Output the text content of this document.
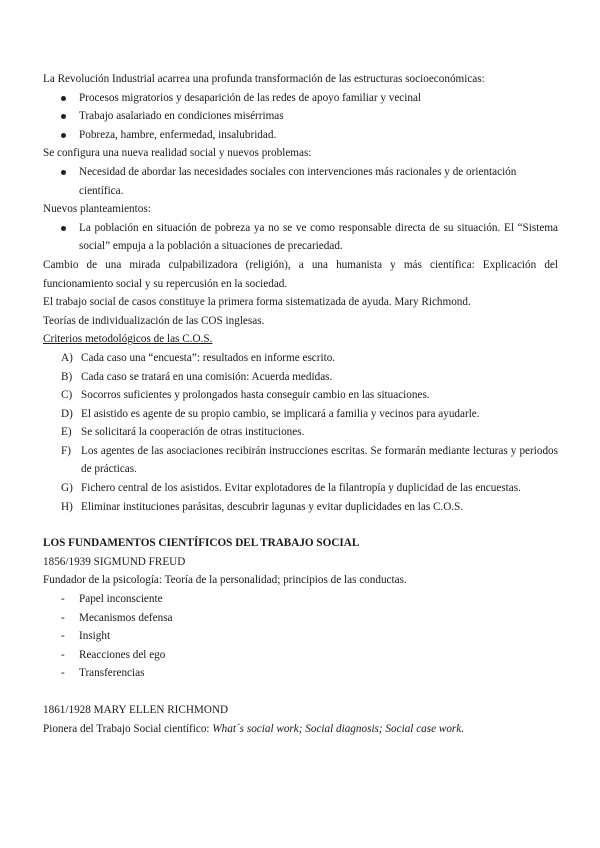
La Revolución Industrial acarrea una profunda transformación de las estructuras socioeconómicas:

Procesos migratorios y desaparición de las redes de apoyo familiar y vecinal
Trabajo asalariado en condiciones misérrimas
Pobreza, hambre, enfermedad, insalubridad.

Se configura una nueva realidad social y nuevos problemas:

Necesidad de abordar las necesidades sociales con intervenciones más racionales y de orientación científica.

Nuevos planteamientos:

La población en situación de pobreza ya no se ve como responsable directa de su situación. El “Sistema social” empuja a la población a situaciones de precariedad.

Cambio de una mirada culpabilizadora (religión), a una humanista y más científica: Explicación del funcionamiento social y su repercusión en la sociedad.

El trabajo social de casos constituye la primera forma sistematizada de ayuda. Mary Richmond.

Teorías de individualización de las COS inglesas.

Criterios metodológicos de las C.O.S.

A) Cada caso una “encuesta”: resultados en informe escrito.
B) Cada caso se tratará en una comisión: Acuerda medidas.
C) Socorros suficientes y prolongados hasta conseguir cambio en las situaciones.
D) El asistido es agente de su propio cambio, se implicará a familia y vecinos para ayudarle.
E) Se solicitará la cooperación de otras instituciones.
F) Los agentes de las asociaciones recibirán instrucciones escritas. Se formarán mediante lecturas y periodos de prácticas.
G) Fichero central de los asistidos. Evitar explotadores de la filantropía y duplicidad de las encuestas.
H) Eliminar instituciones parásitas, descubrir lagunas y evitar duplicidades en las C.O.S.

LOS FUNDAMENTOS CIENTÍFICOS DEL TRABAJO SOCIAL

1856/1939 SIGMUND FREUD

Fundador de la psicología: Teoría de la personalidad; principios de las conductas.

- Papel inconsciente
- Mecanismos defensa
- Insight
- Reacciones del ego
- Transferencias

1861/1928 MARY ELLEN RICHMOND

Pionera del Trabajo Social científico: What´s social work; Social diagnosis; Social case work.
